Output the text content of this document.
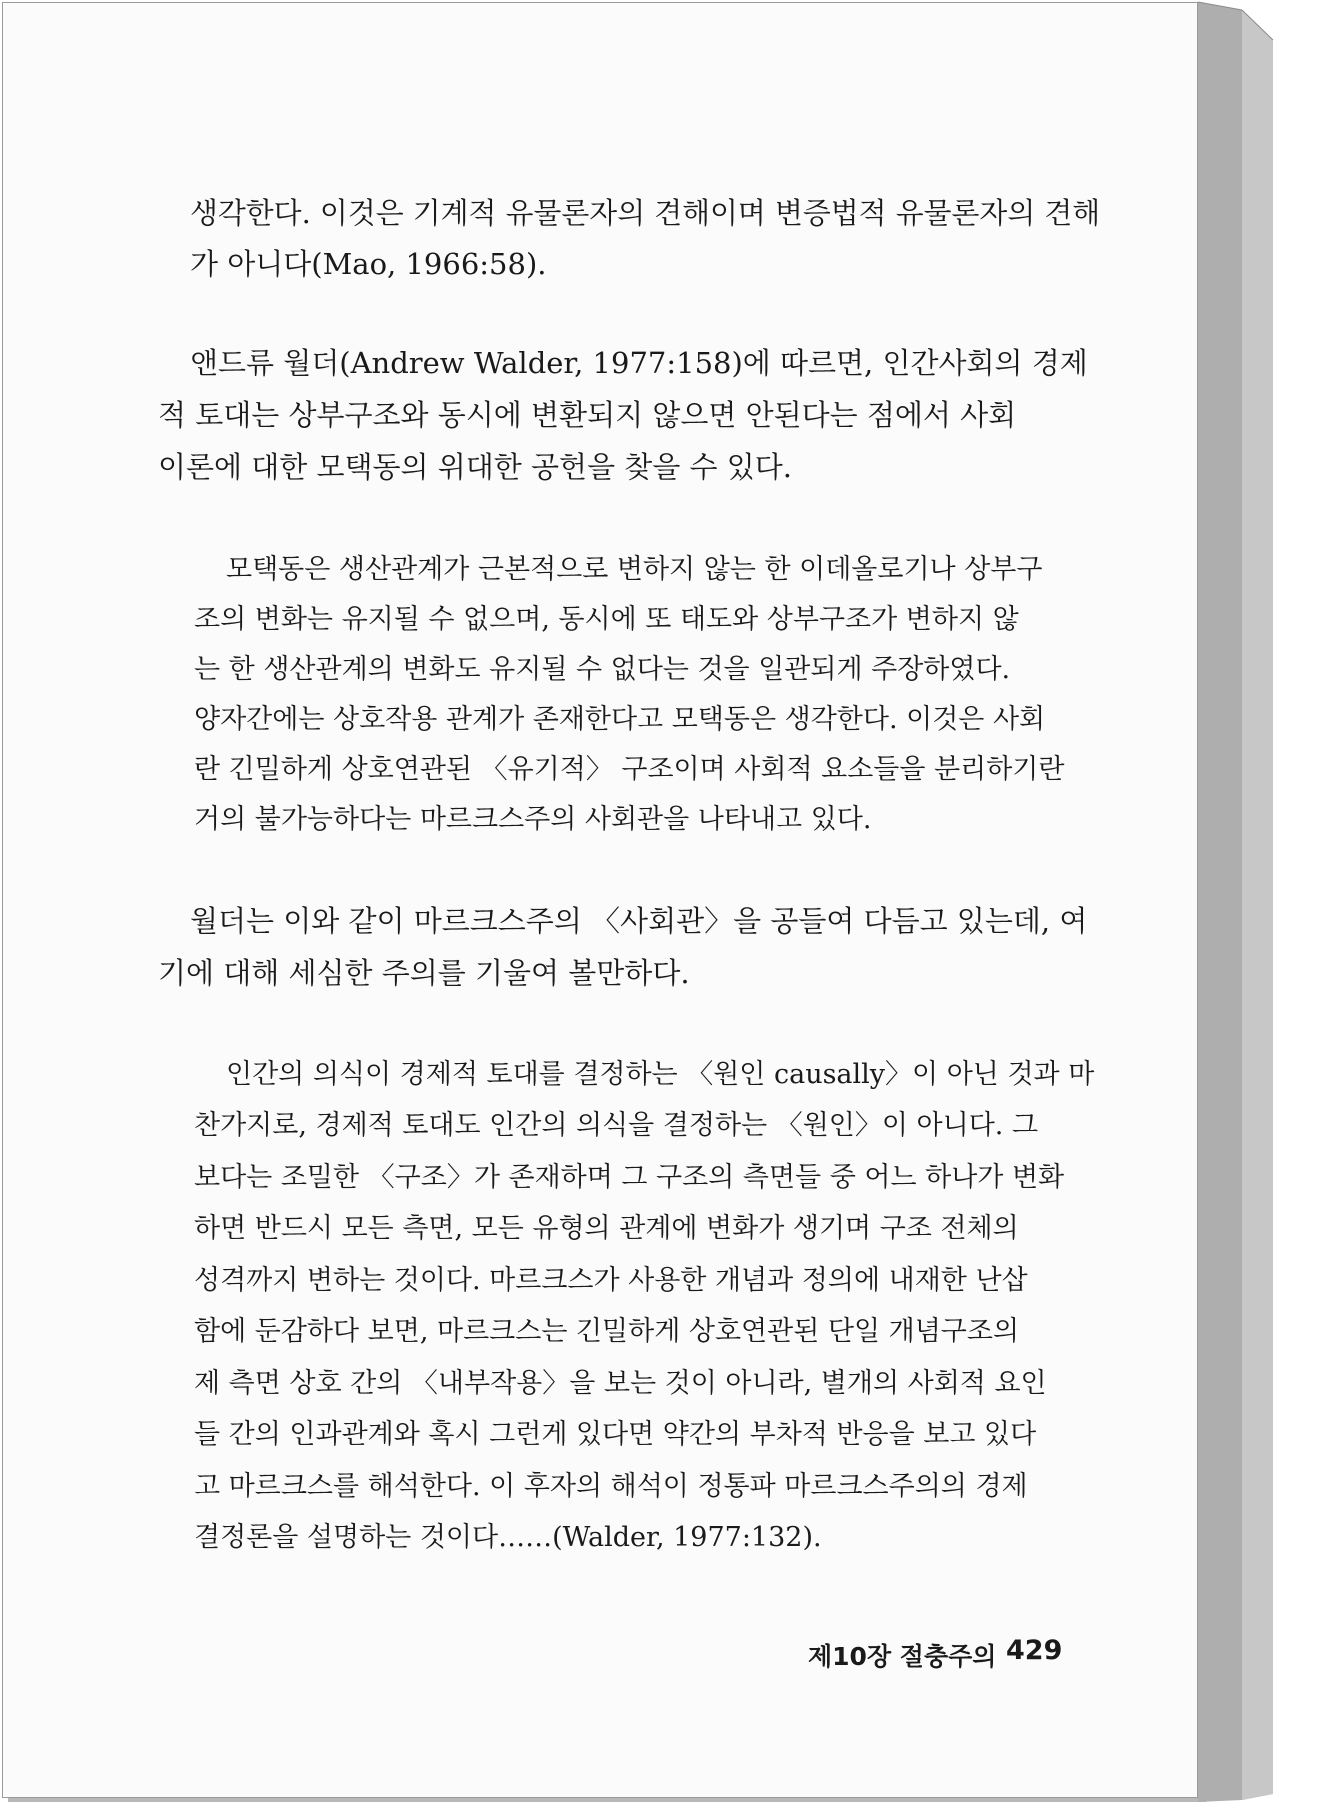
생각한다. 이것은 기계적 유물론자의 견해이며 변증법적 유물론자의 견해
가 아니다(Mao, 1966:58).
앤드류 월더(Andrew Walder, 1977:158)에 따르면, 인간사회의 경제
적 토대는 상부구조와 동시에 변환되지 않으면 안된다는 점에서 사회
이론에 대한 모택동의 위대한 공헌을 찾을 수 있다.
모택동은 생산관계가 근본적으로 변하지 않는 한 이데올로기나 상부구
조의 변화는 유지될 수 없으며, 동시에 또 태도와 상부구조가 변하지 않
는 한 생산관계의 변화도 유지될 수 없다는 것을 일관되게 주장하였다.
양자간에는 상호작용 관계가 존재한다고 모택동은 생각한다. 이것은 사회
란 긴밀하게 상호연관된 〈유기적〉 구조이며 사회적 요소들을 분리하기란
거의 불가능하다는 마르크스주의 사회관을 나타내고 있다.
월더는 이와 같이 마르크스주의 〈사회관〉을 공들여 다듬고 있는데, 여
기에 대해 세심한 주의를 기울여 볼만하다.
인간의 의식이 경제적 토대를 결정하는 〈원인 causally〉이 아닌 것과 마
찬가지로, 경제적 토대도 인간의 의식을 결정하는 〈원인〉이 아니다. 그
보다는 조밀한 〈구조〉가 존재하며 그 구조의 측면들 중 어느 하나가 변화
하면 반드시 모든 측면, 모든 유형의 관계에 변화가 생기며 구조 전체의
성격까지 변하는 것이다. 마르크스가 사용한 개념과 정의에 내재한 난삽
함에 둔감하다 보면, 마르크스는 긴밀하게 상호연관된 단일 개념구조의
제 측면 상호 간의 〈내부작용〉을 보는 것이 아니라, 별개의 사회적 요인
들 간의 인과관계와 혹시 그런게 있다면 약간의 부차적 반응을 보고 있다
고 마르크스를 해석한다. 이 후자의 해석이 정통파 마르크스주의의 경제
결정론을 설명하는 것이다……(Walder, 1977:132).
제10장 절충주의 429
